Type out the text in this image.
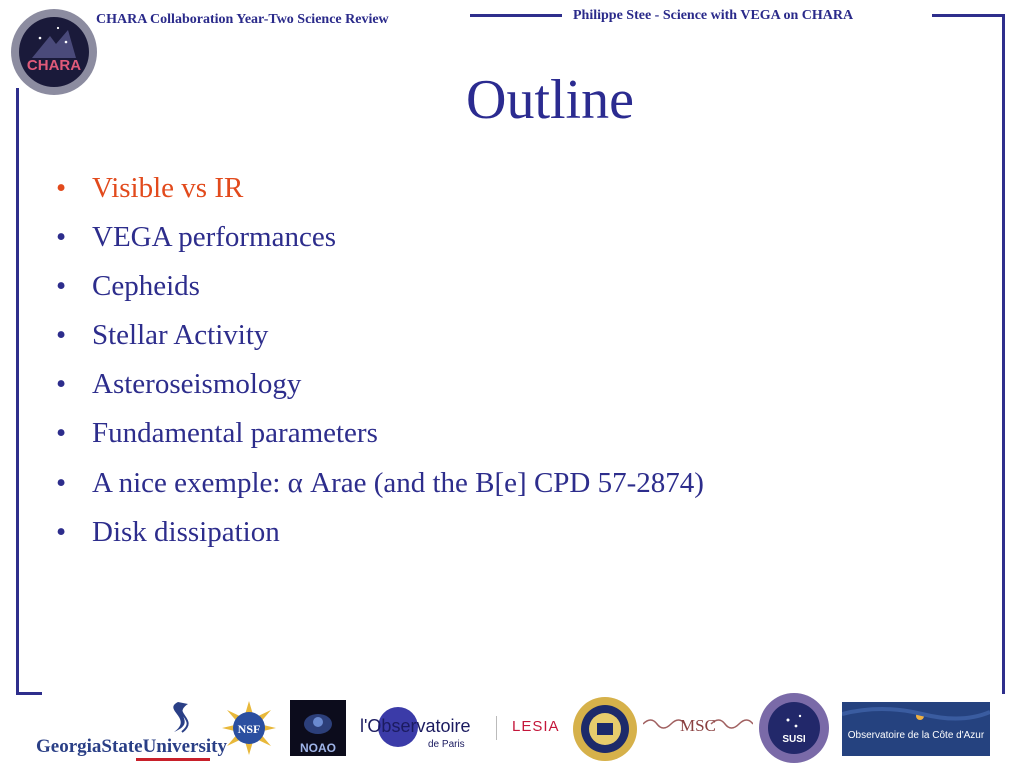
CHARA Collaboration Year-Two Science Review	Philippe Stee - Science with VEGA on CHARA
CHARA
Outline
• Visible vs IR
• VEGA performances
• Cepheids
• Stellar Activity
• Asteroseismology
• Fundamental parameters
• A nice exemple: α Arae (and the B[e] CPD 57-2874)
• Disk dissipation
GeorgiaStateUniversity
NSF
NOAO
l'Observatoire
de Paris
LESIA	MSC
SUSI	Observatoire de la Côte d'Azur
